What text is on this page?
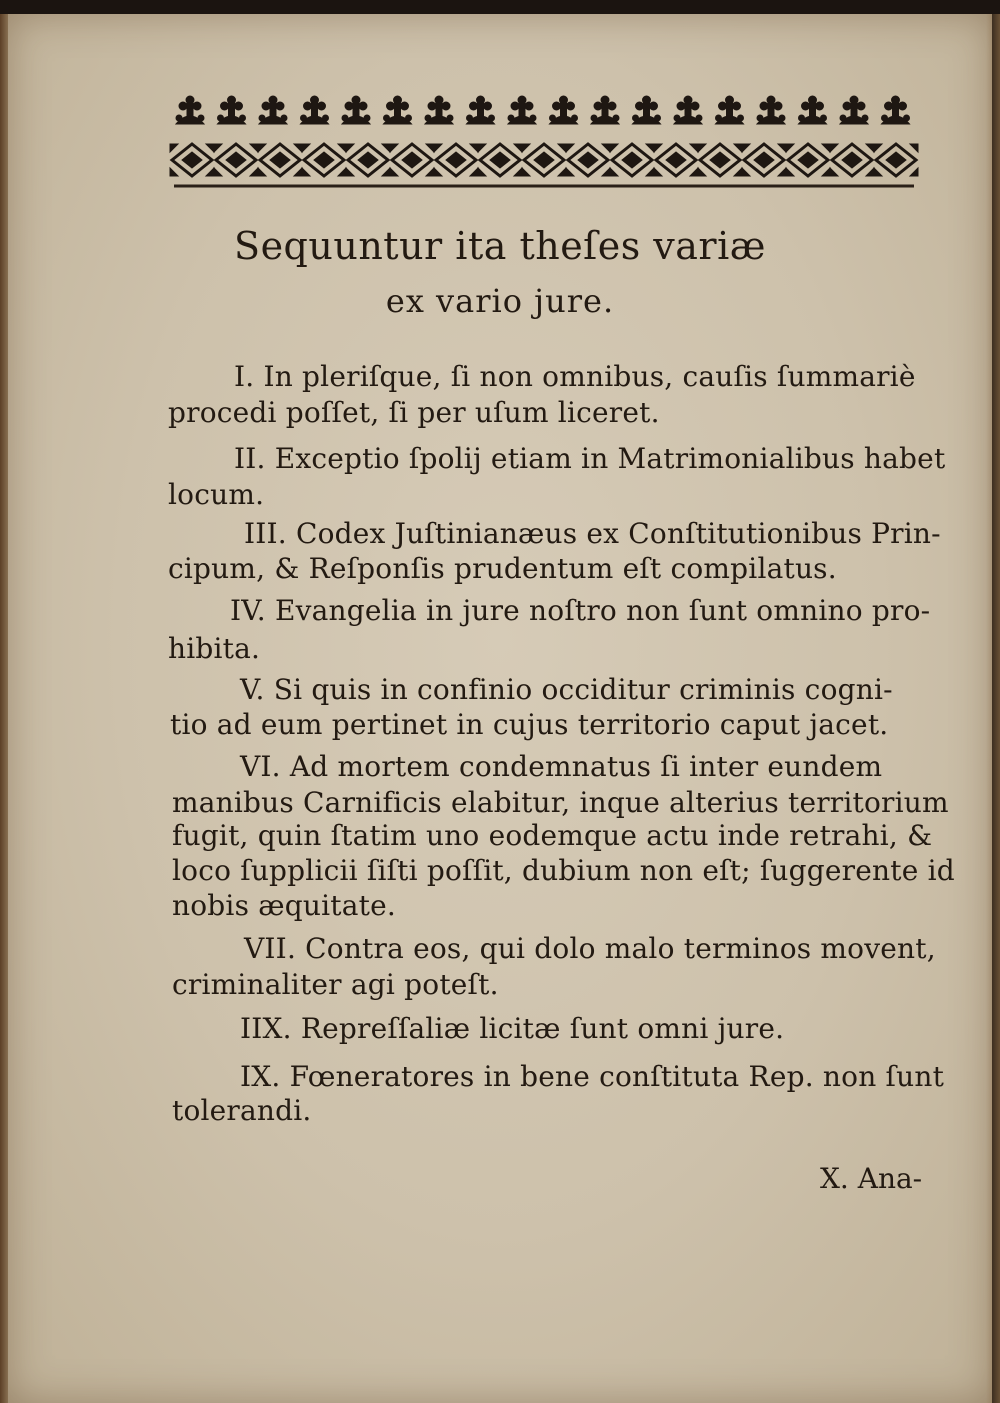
Sequuntur ita theſes variæ
ex vario jure.
I. In pleriſque, ſi non omnibus, cauſis ſummariè
procedi poſſet, ſi per uſum liceret.
II. Exceptio ſpolij etiam in Matrimonialibus habet
locum.
III. Codex Juſtinianæus ex Conſtitutionibus Prin-
cipum, & Reſponſis prudentum eſt compilatus.
IV. Evangelia in jure noſtro non ſunt omnino pro-
hibita.
V. Si quis in confinio occiditur criminis cogni-
tio ad eum pertinet in cujus territorio caput jacet.
VI. Ad mortem condemnatus ſi inter eundem
manibus Carnificis elabitur, inque alterius territorium
fugit, quin ſtatim uno eodemque actu inde retrahi, &
loco ſupplicii ſiſti poſſit, dubium non eſt; ſuggerente id
nobis æquitate.
VII. Contra eos, qui dolo malo terminos movent,
criminaliter agi poteſt.
IIX. Repreſſaliæ licitæ ſunt omni jure.
IX. Fœneratores in bene conſtituta Rep. non ſunt
tolerandi.
X. Ana-
